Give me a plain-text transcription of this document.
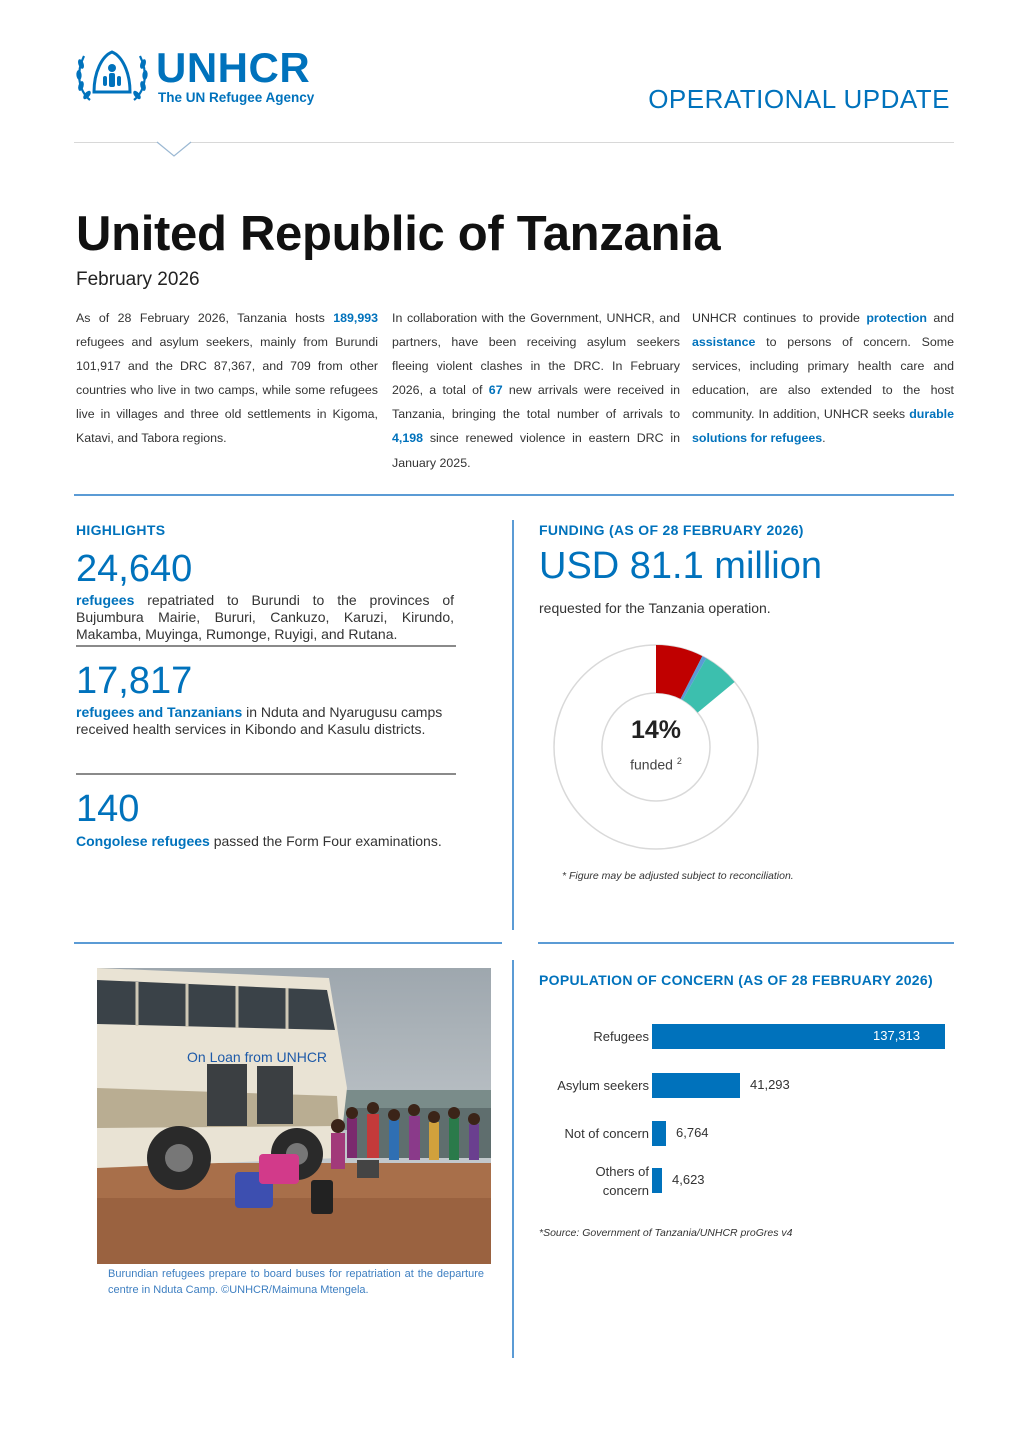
UNHCR
The UN Refugee Agency	OPERATIONAL UPDATE
United Republic of Tanzania
February 2026

As of 28 February 2026, Tanzania hosts 189,993 refugees and asylum seekers, mainly from Burundi 101,917 and the DRC 87,367, and 709 from other countries who live in two camps, while some refugees live in villages and three old settlements in Kigoma, Katavi, and Tabora regions.

In collaboration with the Government, UNHCR, and partners, have been receiving asylum seekers fleeing violent clashes in the DRC. In February 2026, a total of 67 new arrivals were received in Tanzania, bringing the total number of arrivals to 4,198 since renewed violence in eastern DRC in January 2025.

UNHCR continues to provide protection and assistance to persons of concern. Some services, including primary health care and education, are also extended to the host community. In addition, UNHCR seeks durable solutions for refugees.

HIGHLIGHTS
24,640
refugees repatriated to Burundi to the provinces of Bujumbura Mairie, Bururi, Cankuzo, Karuzi, Kirundo, Makamba, Muyinga, Rumonge, Ruyigi, and Rutana.
17,817
refugees and Tanzanians in Nduta and Nyarugusu camps received health services in Kibondo and Kasulu districts.
140
Congolese refugees passed the Form Four examinations.
FUNDING (AS OF 28 FEBRUARY 2026)
USD 81.1 million
requested for the Tanzania operation.
14%
funded $^2$
* Figure may be adjusted subject to reconciliation.
On Loan from UNHCR
Burundian refugees prepare to board buses for repatriation at the departure centre in Nduta Camp. ©UNHCR/Maimuna Mtengela.
POPULATION OF CONCERN (AS OF 28 FEBRUARY 2026)
Refugees	137,313
Asylum seekers	41,293
Not of concern 6,764
Others of
concern
4,623
*Source: Government of Tanzania/UNHCR proGres v4
